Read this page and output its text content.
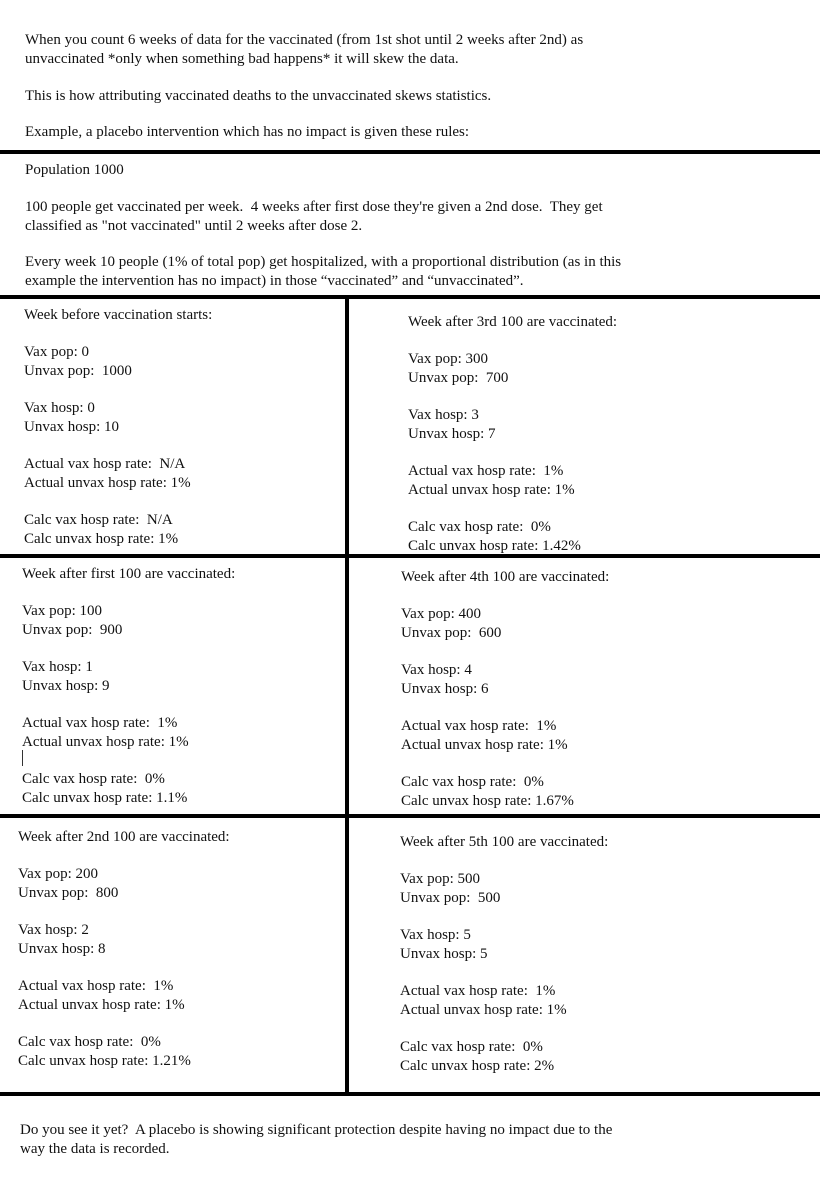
When you count 6 weeks of data for the vaccinated (from 1st shot until 2 weeks after 2nd) as
unvaccinated *only when something bad happens* it will skew the data.
This is how attributing vaccinated deaths to the unvaccinated skews statistics.
Example, a placebo intervention which has no impact is given these rules:
Population 1000
100 people get vaccinated per week.  4 weeks after first dose they're given a 2nd dose.  They get
classified as "not vaccinated" until 2 weeks after dose 2.
Every week 10 people (1% of total pop) get hospitalized, with a proportional distribution (as in this
example the intervention has no impact) in those “vaccinated” and “unvaccinated”.
Week before vaccination starts:
Vax pop: 0
Unvax pop:  1000
Vax hosp: 0
Unvax hosp: 10
Actual vax hosp rate:  N/A
Actual unvax hosp rate: 1%
Calc vax hosp rate:  N/A
Calc unvax hosp rate: 1%
Week after 3rd 100 are vaccinated:
Vax pop: 300
Unvax pop:  700
Vax hosp: 3
Unvax hosp: 7
Actual vax hosp rate:  1%
Actual unvax hosp rate: 1%
Calc vax hosp rate:  0%
Calc unvax hosp rate: 1.42%
Week after first 100 are vaccinated:
Vax pop: 100
Unvax pop:  900
Vax hosp: 1
Unvax hosp: 9
Actual vax hosp rate:  1%
Actual unvax hosp rate: 1%
Calc vax hosp rate:  0%
Calc unvax hosp rate: 1.1%
Week after 4th 100 are vaccinated:
Vax pop: 400
Unvax pop:  600
Vax hosp: 4
Unvax hosp: 6
Actual vax hosp rate:  1%
Actual unvax hosp rate: 1%
Calc vax hosp rate:  0%
Calc unvax hosp rate: 1.67%
Week after 2nd 100 are vaccinated:
Vax pop: 200
Unvax pop:  800
Vax hosp: 2
Unvax hosp: 8
Actual vax hosp rate:  1%
Actual unvax hosp rate: 1%
Calc vax hosp rate:  0%
Calc unvax hosp rate: 1.21%
Week after 5th 100 are vaccinated:
Vax pop: 500
Unvax pop:  500
Vax hosp: 5
Unvax hosp: 5
Actual vax hosp rate:  1%
Actual unvax hosp rate: 1%
Calc vax hosp rate:  0%
Calc unvax hosp rate: 2%
Do you see it yet?  A placebo is showing significant protection despite having no impact due to the
way the data is recorded.
